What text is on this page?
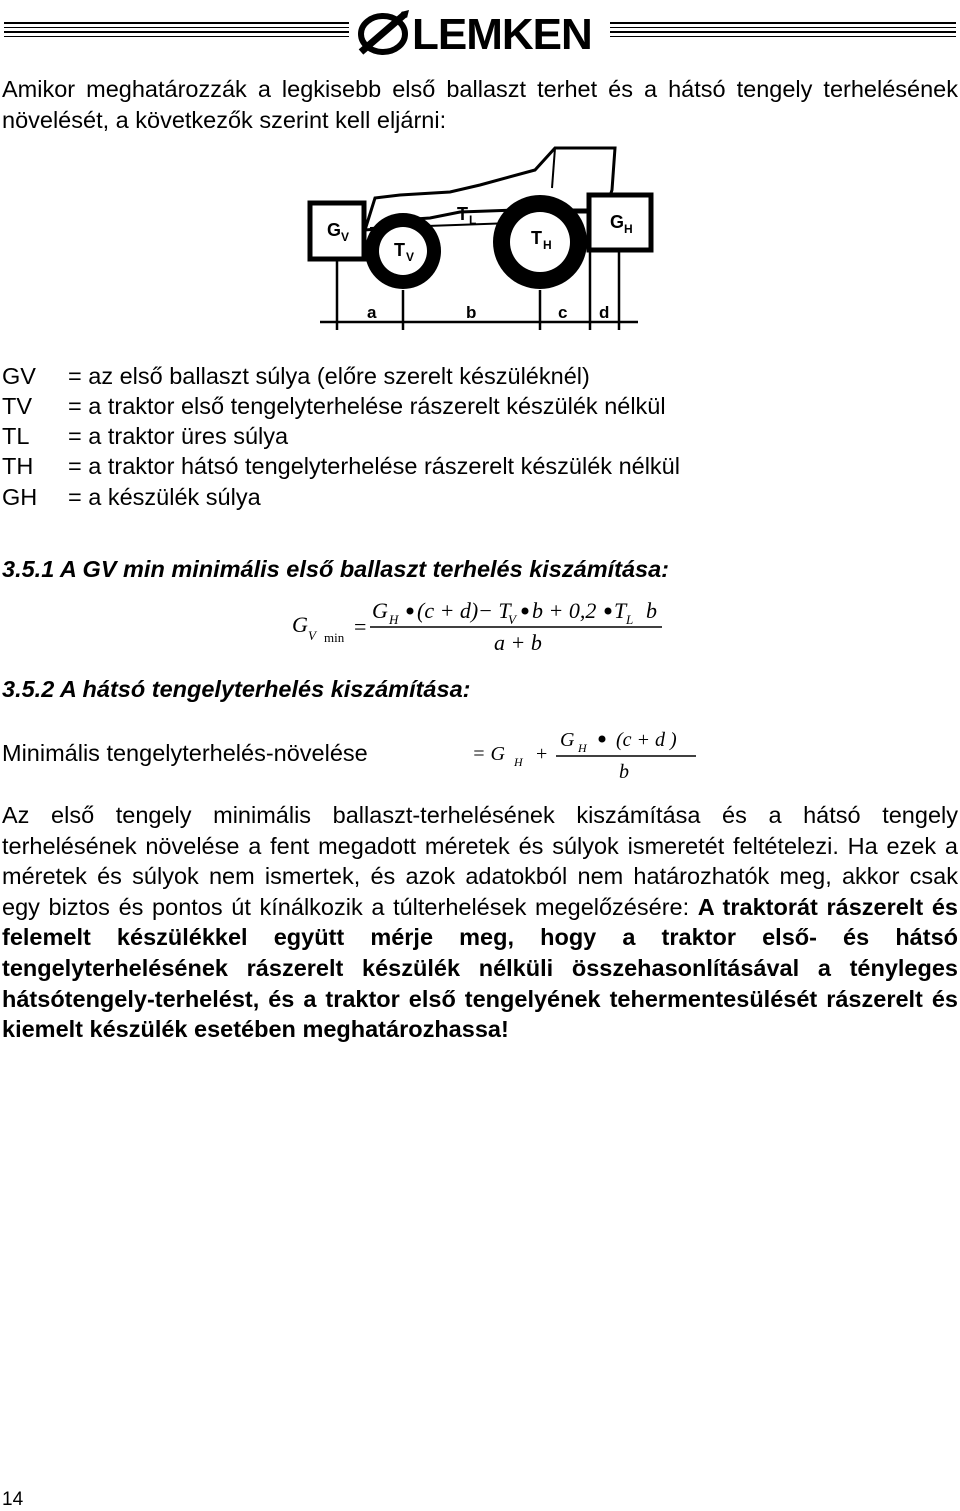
LEMKEN

Amikor meghatározzák a legkisebb első ballaszt terhet és a hátsó tengely terhelésének növelését, a következők szerint kell eljárni:

G V
G H
T V
T H
T L
a	b	c d
GV	= az első ballaszt súlya (előre szerelt készüléknél)
TV	= a traktor első tengelyterhelése rászerelt készülék nélkül
TL	= a traktor üres súlya
TH	= a traktor hátsó tengelyterhelése rászerelt készülék nélkül
GH	= a készülék súlya
3.5.1 A GV min minimális első ballaszt terhelés kiszámítása:
G V min =
G H (c + d) − T
V b + 0,2 T L b
a + b
3.5.2 A hátsó tengelyterhelés kiszámítása:
Minimális tengelyterhelés-növelése	= G H +
G H (c + d )
b

Az első tengely minimális ballaszt-terhelésének kiszámítása és a hátsó tengely terhelésének növelése a fent megadott méretek és súlyok ismeretét feltételezi. Ha ezek a méretek és súlyok nem ismertek, és azok adatokból nem határozhatók meg, akkor csak egy biztos és pontos út kínálkozik a túlterhelések megelőzésére: A traktorát rászerelt és felemelt készülékkel együtt mérje meg, hogy a traktor első- és hátsó tengelyterhelésének rászerelt készülék nélküli összehasonlításával a tényleges hátsótengely-terhelést, és a traktor első tengelyének tehermentesülését rászerelt és kiemelt készülék esetében meghatározhassa!

14
